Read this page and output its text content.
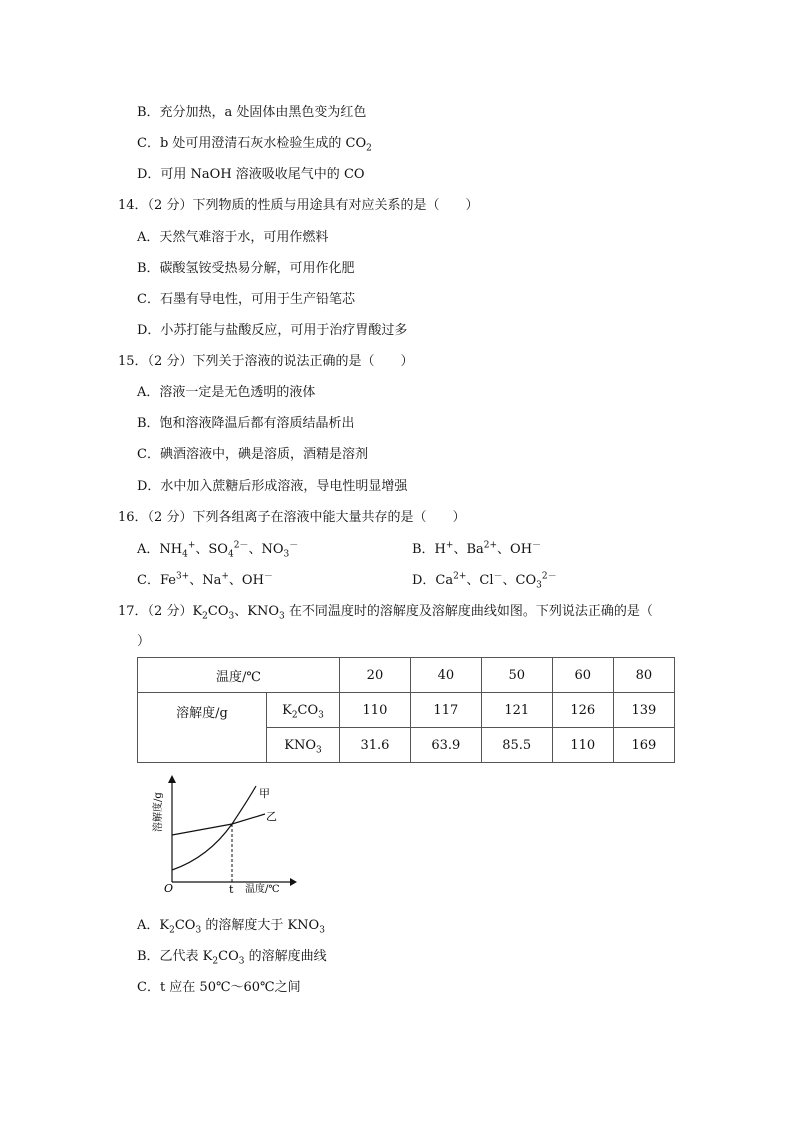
B．充分加热，a 处固体由黑色变为红色
C．b 处可用澄清石灰水检验生成的 $CO_2$
D．可用 NaOH 溶液吸收尾气中的 CO
14．（2 分）下列物质的性质与用途具有对应关系的是（　　）
A．天然气难溶于水，可用作燃料
B．碳酸氢铵受热易分解，可用作化肥
C．石墨有导电性，可用于生产铅笔芯
D．小苏打能与盐酸反应，可用于治疗胃酸过多
15．（2 分）下列关于溶液的说法正确的是（　　）
A．溶液一定是无色透明的液体
B．饱和溶液降温后都有溶质结晶析出
C．碘酒溶液中，碘是溶质，酒精是溶剂
D．水中加入蔗糖后形成溶液，导电性明显增强
16．（2 分）下列各组离子在溶液中能大量共存的是（　　）
A．$NH_4^+$、$SO_4^{2-}$、$NO_3^-$	B．H+、$Ba^{2+}$、OH－
C．$Fe^{3+}$、Na+、OH－	D．$Ca^{2+}$、Cl－、$CO_3^{2-}$
17．（2 分）$K_2CO_3$、$KNO_3$ 在不同温度时的溶解度及溶解度曲线如图。下列说法正确的是（
）
温度/℃		20	40	50	60	80
溶解度/g	$K_2CO_3$	110	117	121	126	139
	$KNO_3$	31.6	63.9	85.5	110	169
甲
乙
O	t 温度/℃
溶解度/g
A．$K_2CO_3$ 的溶解度大于 $KNO_3$
B．乙代表 $K_2CO_3$ 的溶解度曲线
C．t 应在 50℃～60℃之间
